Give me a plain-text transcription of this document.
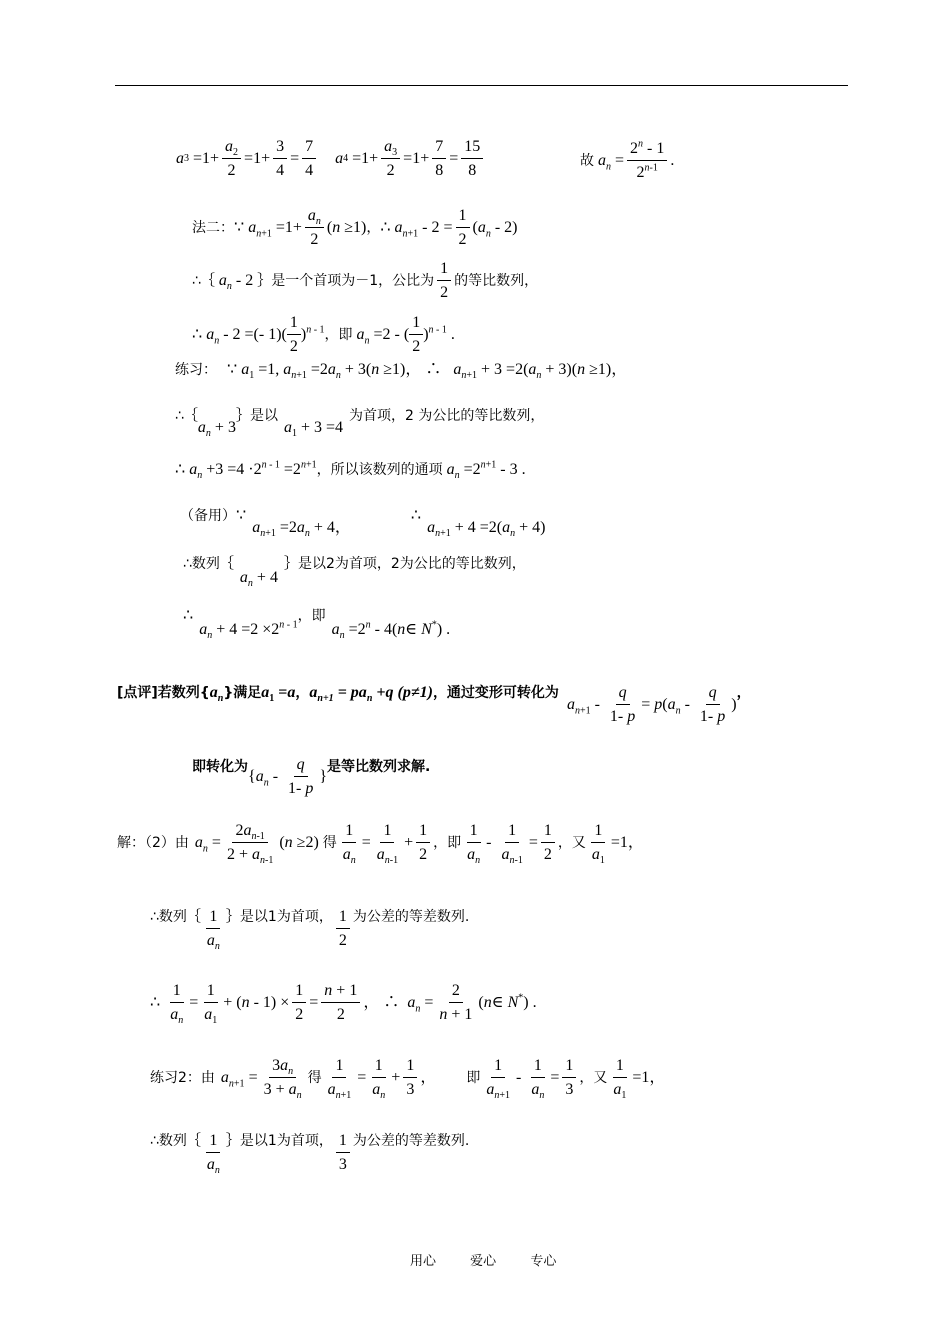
a $3 =1+ \frac{a_2}{2} =1+ \frac{3}{4} = \frac{7}{4}$
a $4 =1+ \frac{a_3}{2} =1+ \frac{7}{8} = \frac{15}{8}$	故 $a_n = \frac{2^n - 1}{2^{n-1}}$ .
法二： ∵ $a_{n+1} =1+ \frac{a_n}{2} (n \ge 1)$ ， ∴ $a_{n+1} - 2 = \frac{1}{2} (a_n - 2)$
∴｛ $a_n - 2$ ｝是一个首项为－1，公比为 $\frac{1}{2}$ 的等比数列，
∴ $a_n - 2$ =(- $1)( \frac{1}{2} )^{n - 1}$ ，即 $a_n =2$ - ( $\frac{1}{2} )^{n - 1}$ .
练习： ∵ $a_1 =1$, $a_{n+1} =2a_n + 3(n \ge 1)$， ∴   $a_{n+1} + 3 =2(a_n + 3)(n \ge 1)$，
∴｛
$a_n + 3$
｝是以
$a_1 + 3 =4$
为首项，2 为公比的等比数列，
∴ $a_n +3 =4 \cdot 2^{n - 1} =2^{n+1}$ ，所以该数列的通项 $a_n =2^{n+1} - 3$ .
（备用） ∵
$a_{n+1} =2a_n + 4$，
∴
$a_{n+1} + 4 =2(a_n + 4)$
∴数列｛
$a_n + 4$
｝是以2为首项，2为公比的等比数列，
∴
$a_n + 4 =2 \times 2^{n - 1}$
，即
$a_n =2^n$ - 4(n∈ N*) .
[点评]若数列{ $a_n$ }满足 a $_1$ = a ， $a_{n+1} = pa_n +q$ (p≠1) ，通过变形可转化为
$a_{n+1} - \frac{q}{1- p} = p(a_n - \frac{q}{1- p}$ )
，
即转化为
{$a_n - \frac{q}{1- p}$ }
是等比数列求解.
解：（2）由 $a_n = \frac{2a_{n-1}}{2 + a_{n-1}} (n \ge 2)$ 得 $\frac{1}{a_n} = \frac{1}{a_{n-1}} + \frac{1}{2}$ ，即 $\frac{1}{a_n} - \frac{1}{a_{n-1}} = \frac{1}{2}$ ，又 $\frac{1}{a_1} =1$，
∴数列｛ $\frac{1}{a_n}$ ｝是以1为首项， $\frac{1}{2}$ 为公差的等差数列.
∴
$\frac{1}{a_n} = \frac{1}{a_1} + (n - 1) \times \frac{1}{2} = \frac{n + 1}{2}$ ， ∴  $a_n = \frac{2}{n + 1}$ (n∈ N*) .
练习2：由 $a_{n+1} = \frac{3a_n}{3 + a_n}$ 得 $\frac{1}{a_{n+1}} = \frac{1}{a_n} + \frac{1}{3}$ ， 即 $\frac{1}{a_{n+1}} - \frac{1}{a_n} = \frac{1}{3}$ ，又 $\frac{1}{a_1} =1$，
∴数列｛ $\frac{1}{a_n}$ ｝是以1为首项， $\frac{1}{3}$ 为公差的等差数列.
用心	爱心	专心
